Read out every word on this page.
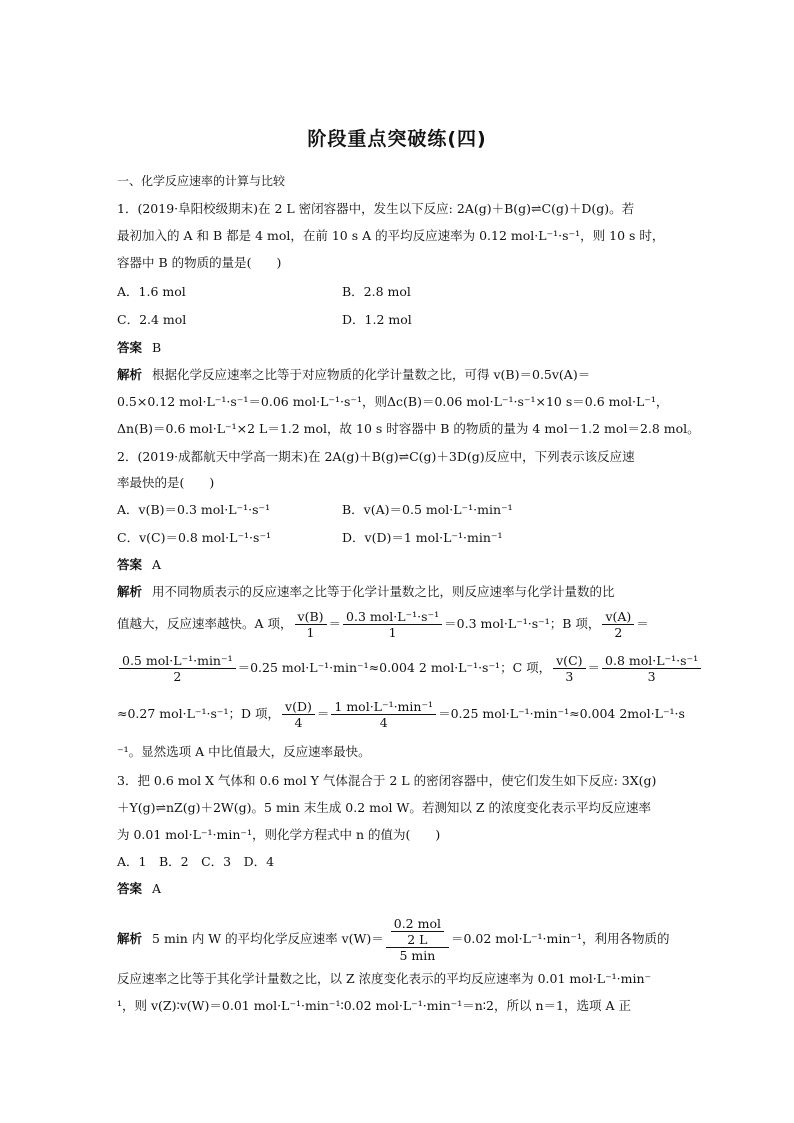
阶段重点突破练(四)
一、化学反应速率的计算与比较
1．(2019·阜阳校级期末)在 2 L 密闭容器中，发生以下反应: 2A(g)＋B(g)⇌C(g)＋D(g)。若
最初加入的 A 和 B 都是 4 mol，在前 10 s A 的平均反应速率为 0.12 mol·L⁻¹·s⁻¹，则 10 s 时，
容器中 B 的物质的量是(　　)
A．1.6 mol	B．2.8 mol
C．2.4 mol	D．1.2 mol
答案 B
解析 根据化学反应速率之比等于对应物质的化学计量数之比，可得 v(B)＝0.5v(A)＝
0.5×0.12 mol·L⁻¹·s⁻¹＝0.06 mol·L⁻¹·s⁻¹，则Δc(B)＝0.06 mol·L⁻¹·s⁻¹×10 s＝0.6 mol·L⁻¹，
Δn(B)＝0.6 mol·L⁻¹×2 L＝1.2 mol，故 10 s 时容器中 B 的物质的量为 4 mol－1.2 mol＝2.8 mol。
2．(2019·成都航天中学高一期末)在 2A(g)＋B(g)⇌C(g)＋3D(g)反应中，下列表示该反应速
率最快的是(　　)
A．v(B)＝0.3 mol·L⁻¹·s⁻¹	B．v(A)＝0.5 mol·L⁻¹·min⁻¹
C．v(C)＝0.8 mol·L⁻¹·s⁻¹	D．v(D)＝1 mol·L⁻¹·min⁻¹
答案 A
解析 用不同物质表示的反应速率之比等于化学计量数之比，则反应速率与化学计量数的比
值越大，反应速率越快。A 项， $\frac{v(B)}{1} = \frac{\text{0.3 mol·L⁻¹·s⁻¹}}{1} =0.3$ mol·L⁻¹·s⁻¹；B 项， $\frac{v(A)}{2}$ ＝
$\frac{\text{0.5 mol·L⁻¹·min⁻¹}}{2} =0.25$ mol·L⁻¹·min⁻¹≈0.004 2 mol·L⁻¹·s⁻¹；C 项， $\frac{v(C)}{3} = \frac{\text{0.8 mol·L⁻¹·s⁻¹}}{3}$
≈0.27 mol·L⁻¹·s⁻¹；D 项， $\frac{v(D)}{4} = \frac{\text{1 mol·L⁻¹·min⁻¹}}{4} =0.25$ mol·L⁻¹·min⁻¹≈0.004 2mol·L⁻¹·s
⁻¹。显然选项 A 中比值最大，反应速率最快。
3．把 0.6 mol X 气体和 0.6 mol Y 气体混合于 2 L 的密闭容器中，使它们发生如下反应: 3X(g)
＋Y(g)⇌nZ(g)＋2W(g)。5 min 末生成 0.2 mol W。若测知以 Z 的浓度变化表示平均反应速率
为 0.01 mol·L⁻¹·min⁻¹，则化学方程式中 n 的值为(　　)
A．1　B．2　C．3　D．4
答案 A
解析 5 min 内 W 的平均化学反应速率 $v(W)= \frac{\frac{\text{0.2 mol}}{2 L}}{5 \min} =0.02$ mol·L⁻¹·min⁻¹，利用各物质的
反应速率之比等于其化学计量数之比，以 Z 浓度变化表示的平均反应速率为 0.01 mol·L⁻¹·min⁻
¹，则 v(Z)∶v(W)＝0.01 mol·L⁻¹·min⁻¹∶0.02 mol·L⁻¹·min⁻¹＝n∶2，所以 n＝1，选项 A 正
